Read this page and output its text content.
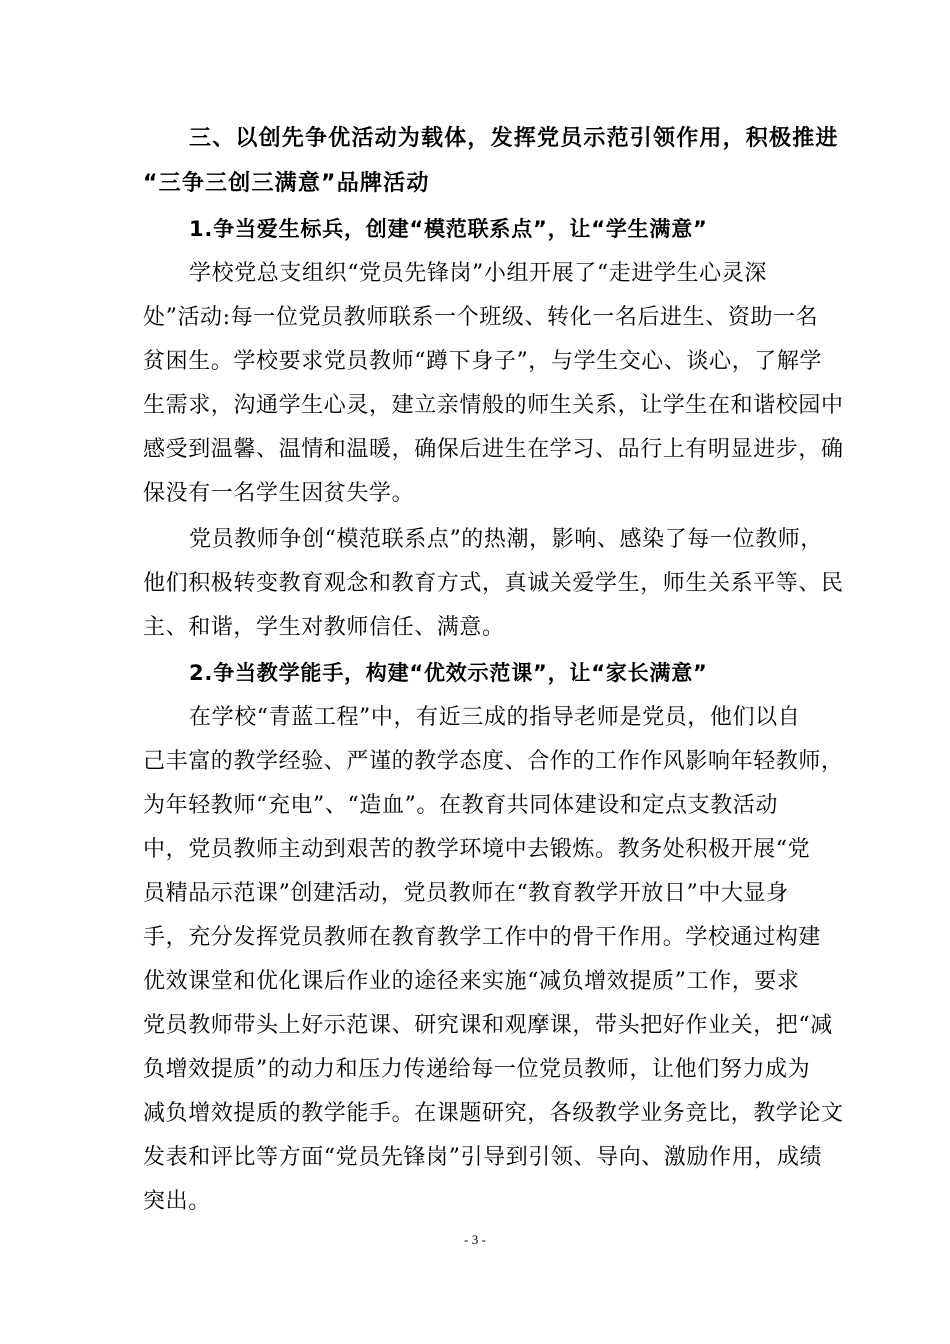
三、以创先争优活动为载体，发挥党员示范引领作用，积极推进
“三争三创三满意”品牌活动
1.争当爱生标兵，创建“模范联系点”，让“学生满意”
学校党总支组织“党员先锋岗”小组开展了“走进学生心灵深
处”活动:每一位党员教师联系一个班级、转化一名后进生、资助一名
贫困生。学校要求党员教师“蹲下身子”，与学生交心、谈心，了解学
生需求，沟通学生心灵，建立亲情般的师生关系，让学生在和谐校园中
感受到温馨、温情和温暖，确保后进生在学习、品行上有明显进步，确
保没有一名学生因贫失学。
党员教师争创“模范联系点”的热潮，影响、感染了每一位教师，
他们积极转变教育观念和教育方式，真诚关爱学生，师生关系平等、民
主、和谐，学生对教师信任、满意。
2.争当教学能手，构建“优效示范课”，让“家长满意”
在学校“青蓝工程”中，有近三成的指导老师是党员，他们以自
己丰富的教学经验、严谨的教学态度、合作的工作作风影响年轻教师，
为年轻教师“充电”、“造血”。在教育共同体建设和定点支教活动
中，党员教师主动到艰苦的教学环境中去锻炼。教务处积极开展“党
员精品示范课”创建活动，党员教师在“教育教学开放日”中大显身
手，充分发挥党员教师在教育教学工作中的骨干作用。学校通过构建
优效课堂和优化课后作业的途径来实施“减负增效提质”工作，要求
党员教师带头上好示范课、研究课和观摩课，带头把好作业关，把“减
负增效提质”的动力和压力传递给每一位党员教师，让他们努力成为
减负增效提质的教学能手。在课题研究，各级教学业务竞比，教学论文
发表和评比等方面“党员先锋岗”引导到引领、导向、激励作用，成绩
突出。
- 3 -
